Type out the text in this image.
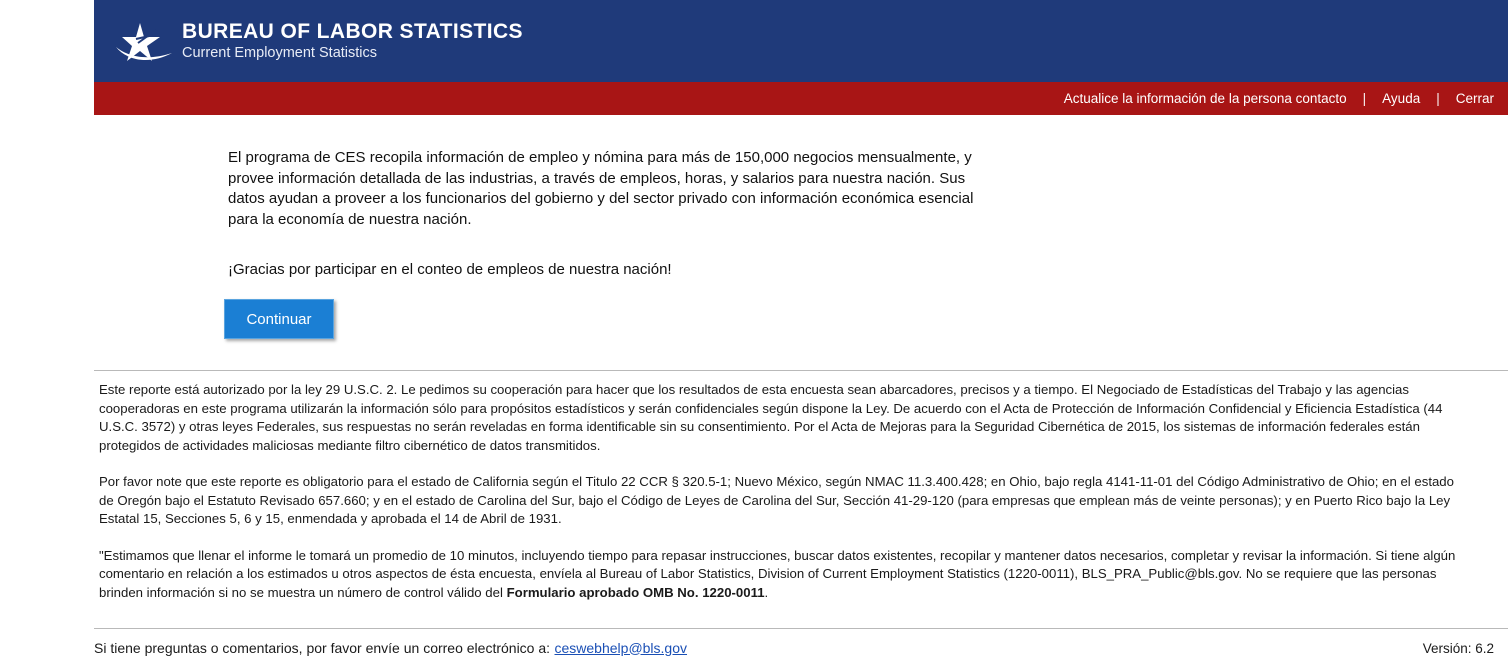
BUREAU OF LABOR STATISTICS
Current Employment Statistics
Actualice la información de la persona contacto | Ayuda | Cerrar

El programa de CES recopila información de empleo y nómina para más de 150,000 negocios mensualmente, y provee información detallada de las industrias, a través de empleos, horas, y salarios para nuestra nación. Sus datos ayudan a proveer a los funcionarios del gobierno y del sector privado con información económica esencial para la economía de nuestra nación.

¡Gracias por participar en el conteo de empleos de nuestra nación!

Continuar

Este reporte está autorizado por la ley 29 U.S.C. 2. Le pedimos su cooperación para hacer que los resultados de esta encuesta sean abarcadores, precisos y a tiempo. El Negociado de Estadísticas del Trabajo y las agencias cooperadoras en este programa utilizarán la información sólo para propósitos estadísticos y serán confidenciales según dispone la Ley. De acuerdo con el Acta de Protección de Información Confidencial y Eficiencia Estadística (44 U.S.C. 3572) y otras leyes Federales, sus respuestas no serán reveladas en forma identificable sin su consentimiento. Por el Acta de Mejoras para la Seguridad Cibernética de 2015, los sistemas de información federales están protegidos de actividades maliciosas mediante filtro cibernético de datos transmitidos.

Por favor note que este reporte es obligatorio para el estado de California según el Titulo 22 CCR § 320.5-1; Nuevo México, según NMAC 11.3.400.428; en Ohio, bajo regla 4141-11-01 del Código Administrativo de Ohio; en el estado de Oregón bajo el Estatuto Revisado 657.660; y en el estado de Carolina del Sur, bajo el Código de Leyes de Carolina del Sur, Sección 41-29-120 (para empresas que emplean más de veinte personas); y en Puerto Rico bajo la Ley Estatal 15, Secciones 5, 6 y 15, enmendada y aprobada el 14 de Abril de 1931.

"Estimamos que llenar el informe le tomará un promedio de 10 minutos, incluyendo tiempo para repasar instrucciones, buscar datos existentes, recopilar y mantener datos necesarios, completar y revisar la información. Si tiene algún comentario en relación a los estimados u otros aspectos de ésta encuesta, envíela al Bureau of Labor Statistics, Division of Current Employment Statistics (1220-0011), BLS_PRA_Public@bls.gov. No se requiere que las personas brinden información si no se muestra un número de control válido del Formulario aprobado OMB No. 1220-0011.

Si tiene preguntas o comentarios, por favor envíe un correo electrónico a: ceswebhelp@bls.gov	Versión: 6.2
